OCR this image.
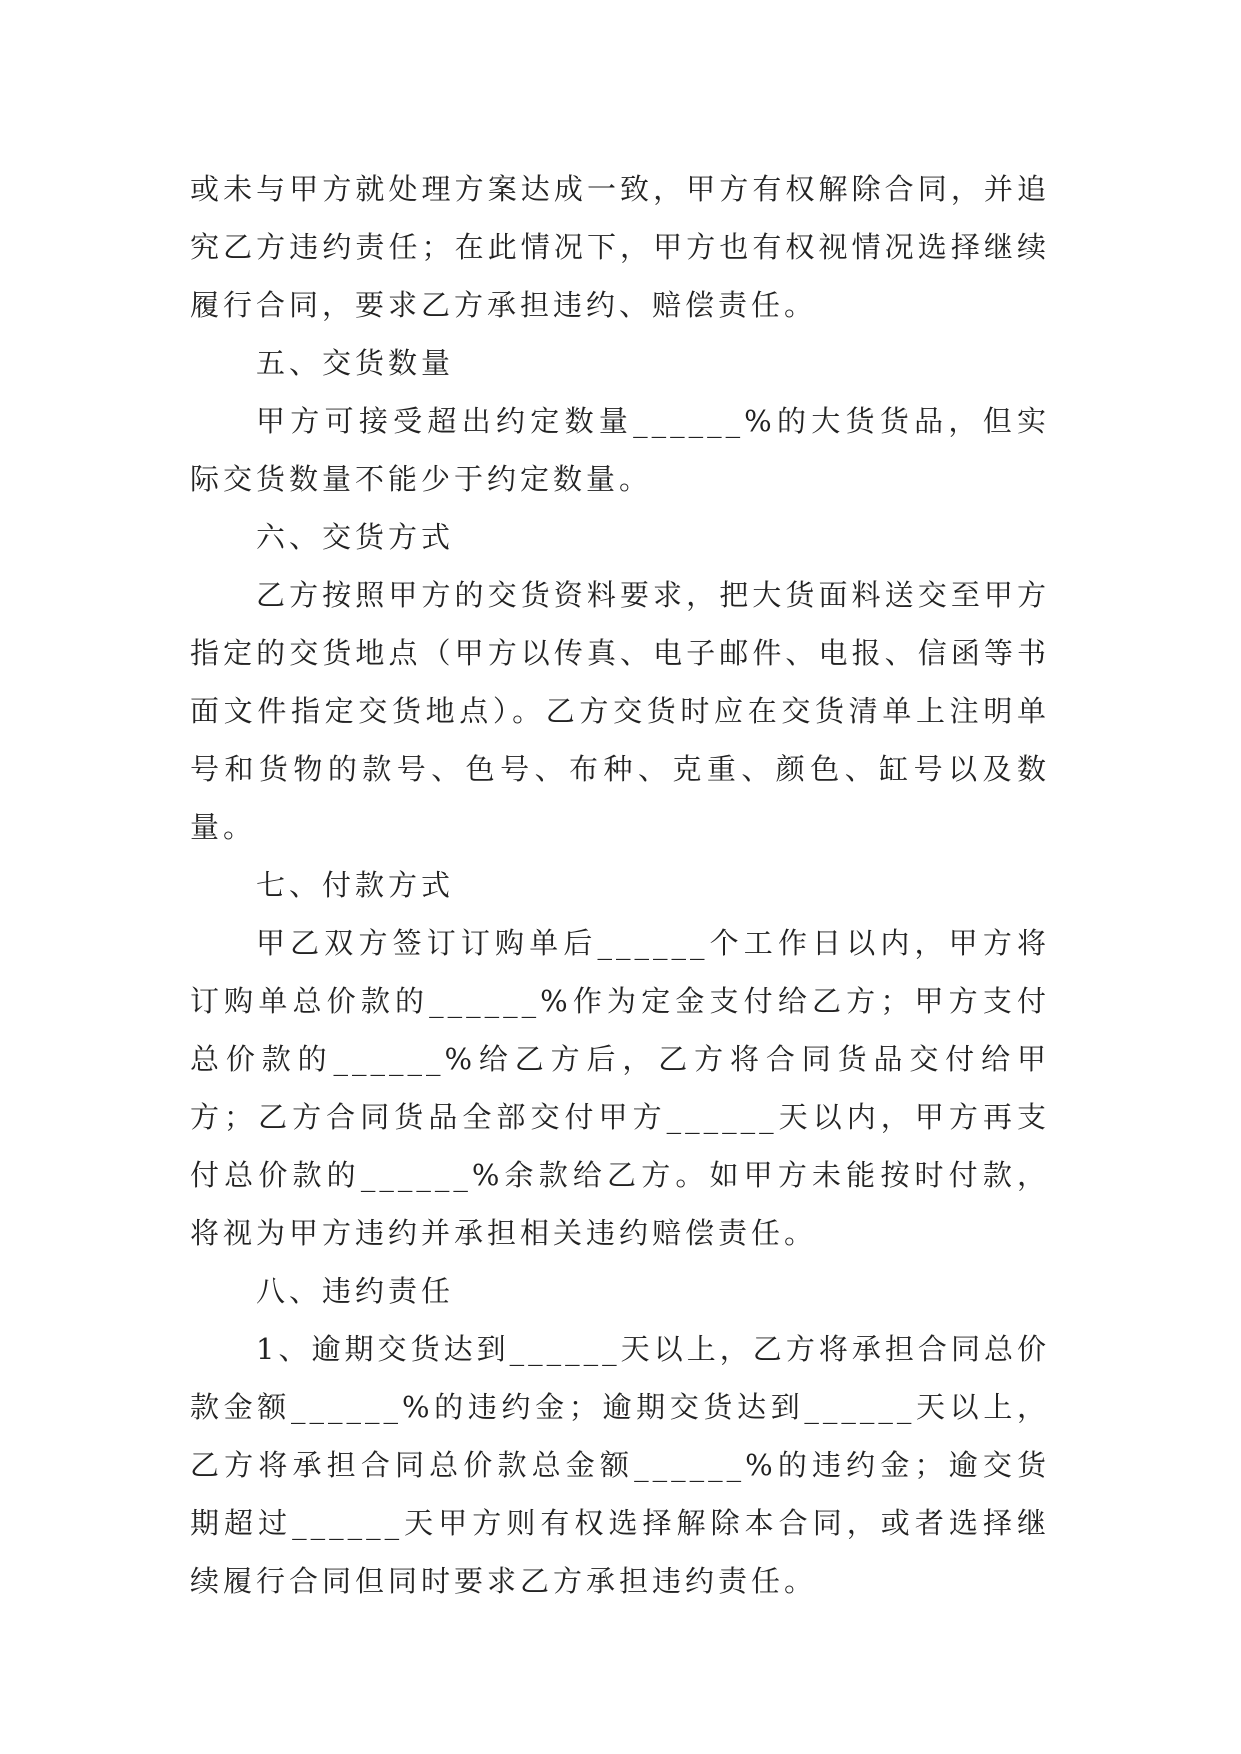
或未与甲方就处理方案达成一致，甲方有权解除合同，并追究乙方违约责任；在此情况下，甲方也有权视情况选择继续履行合同，要求乙方承担违约、赔偿责任。

五、交货数量

甲方可接受超出约定数量______%的大货货品，但实际交货数量不能少于约定数量。

六、交货方式

乙方按照甲方的交货资料要求，把大货面料送交至甲方指定的交货地点（甲方以传真、电子邮件、电报、信函等书面文件指定交货地点）。乙方交货时应在交货清单上注明单号和货物的款号、色号、布种、克重、颜色、缸号以及数量。

七、付款方式

甲乙双方签订订购单后______个工作日以内，甲方将订购单总价款的______%作为定金支付给乙方；甲方支付总价款的______%给乙方后，乙方将合同货品交付给甲方；乙方合同货品全部交付甲方______天以内，甲方再支付总价款的______%余款给乙方。如甲方未能按时付款，将视为甲方违约并承担相关违约赔偿责任。

八、违约责任

1、逾期交货达到______天以上，乙方将承担合同总价款金额______%的违约金；逾期交货达到______天以上，乙方将承担合同总价款总金额______%的违约金；逾交货期超过______天甲方则有权选择解除本合同，或者选择继续履行合同但同时要求乙方承担违约责任。
